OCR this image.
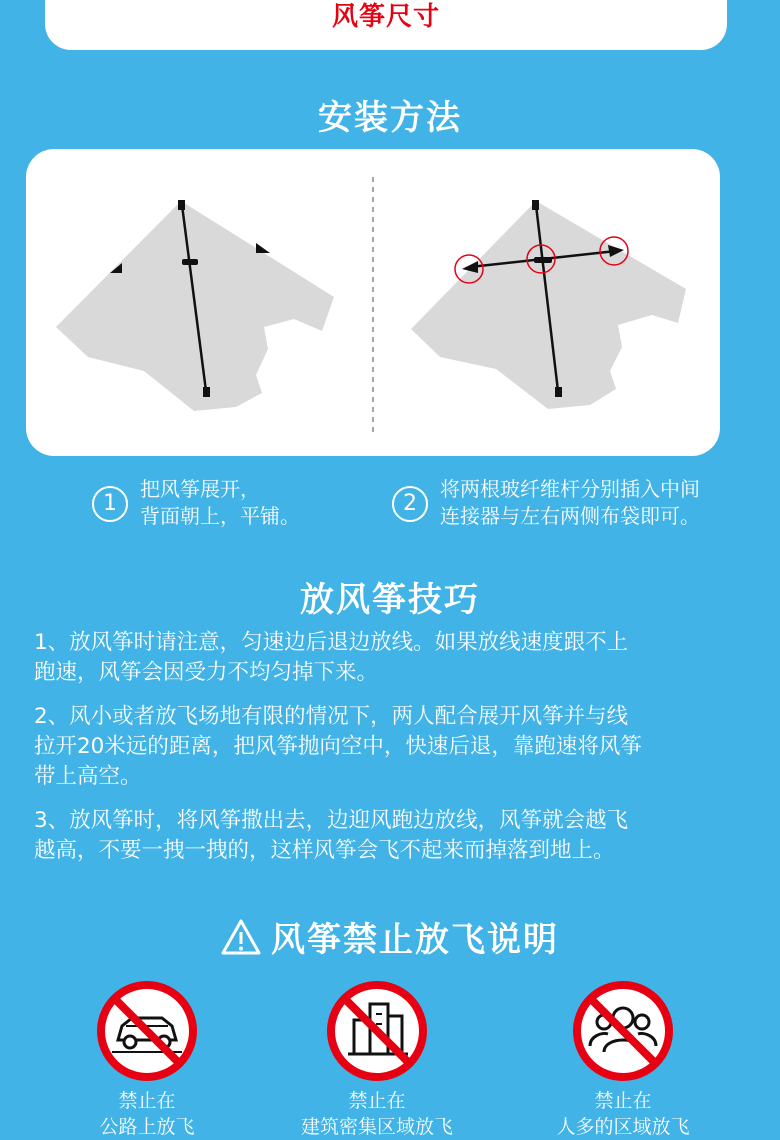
风筝尺寸
安装方法
1
把风筝展开，
背面朝上，平铺。	2
将两根玻纤维杆分别插入中间
连接器与左右两侧布袋即可。
放风筝技巧

1、放风筝时请注意，匀速边后退边放线。如果放线速度跟不上

跑速，风筝会因受力不均匀掉下来。

2、风小或者放飞场地有限的情况下，两人配合展开风筝并与线

拉开20米远的距离，把风筝抛向空中，快速后退，靠跑速将风筝

带上高空。

3、放风筝时，将风筝撒出去，边迎风跑边放线，风筝就会越飞

越高，不要一拽一拽的，这样风筝会飞不起来而掉落到地上。

风筝禁止放飞说明
禁止在
公路上放飞
禁止在
建筑密集区域放飞
禁止在
人多的区域放飞
